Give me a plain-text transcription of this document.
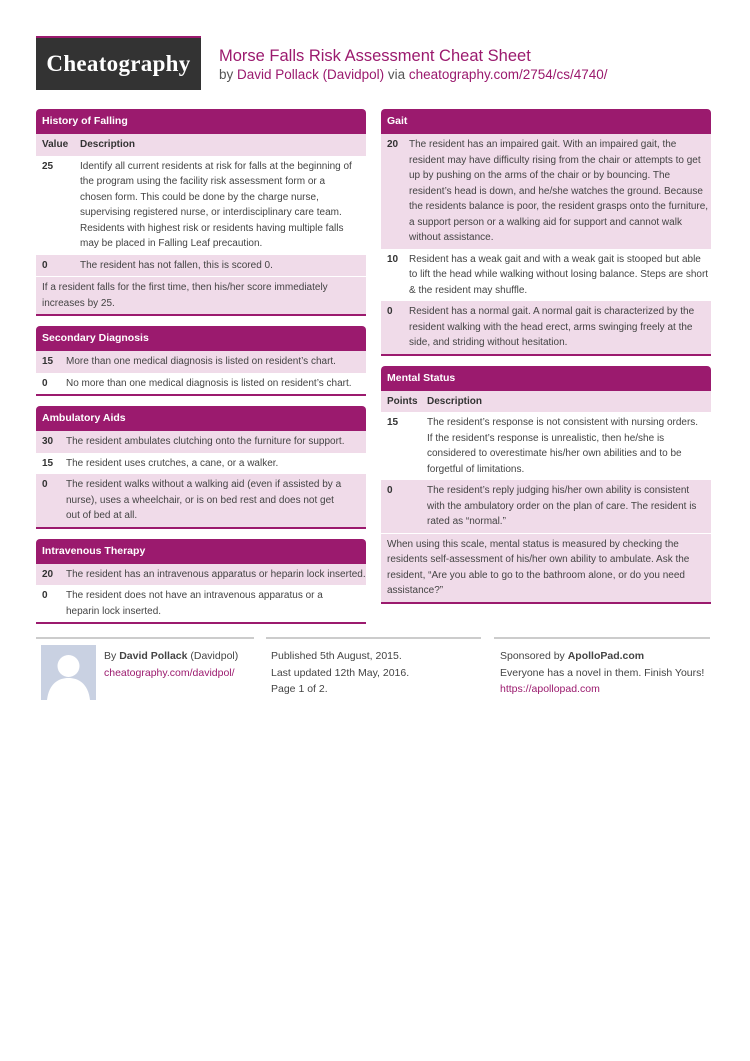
Cheatography	Morse Falls Risk Assessment Cheat Sheet
by David Pollack (Davidpol) via cheatography.com/2754/cs/4740/
History of Falling
Value	Description
25	Identify all current residents at risk for falls at the beginning of the program using the facility risk assessment form or a chosen form. This could be done by the charge nurse, supervising registered nurse, or interdisciplinary care team. Residents with highest risk or residents having multiple falls may be placed in Falling Leaf precaution.
0	The resident has not fallen, this is scored 0.
If a resident falls for the first time, then his/her score immediately increases by 25.
Secondary Diagnosis
15	More than one medical diagnosis is listed on resident’s chart.
0	No more than one medical diagnosis is listed on resident’s chart.
Ambulatory Aids
30	The resident ambulates clutching onto the furniture for support.
15	The resident uses crutches, a cane, or a walker.
0	The resident walks without a walking aid (even if assisted by a nurse), uses a wheelchair, or is on bed rest and does not get out of bed at all.
Intravenous Therapy
20	The resident has an intravenous apparatus or heparin lock inserted.
0	The resident does not have an intravenous apparatus or a heparin lock inserted.
Gait
20	The resident has an impaired gait. With an impaired gait, the resident may have difficulty rising from the chair or attempts to get up by pushing on the arms of the chair or by bouncing. The resident’s head is down, and he/she watches the ground. Because the residents balance is poor, the resident grasps onto the furniture, a support person or a walking aid for support and cannot walk without assistance.
10	Resident has a weak gait and with a weak gait is stooped but able to lift the head while walking without losing balance. Steps are short & the resident may shuffle.
0	Resident has a normal gait. A normal gait is characterized by the resident walking with the head erect, arms swinging freely at the side, and striding without hesitation.
Mental Status
Points Description
15	The resident’s response is not consistent with nursing orders. If the resident’s response is unrealistic, then he/she is considered to overestimate his/her own abilities and to be forgetful of limitations.
0	The resident’s reply judging his/her own ability is consistent with the ambulatory order on the plan of care. The resident is rated as “normal.”
When using this scale, mental status is measured by checking the residents self-assessment of his/her own ability to ambulate. Ask the resident, “Are you able to go to the bathroom alone, or do you need assistance?”
By David Pollack (Davidpol)
cheatography.com/davidpol/
Published 5th August, 2015.
Last updated 12th May, 2016.
Page 1 of 2.
Sponsored by ApolloPad.com
Everyone has a novel in them. Finish Yours!
https://apollopad.com
